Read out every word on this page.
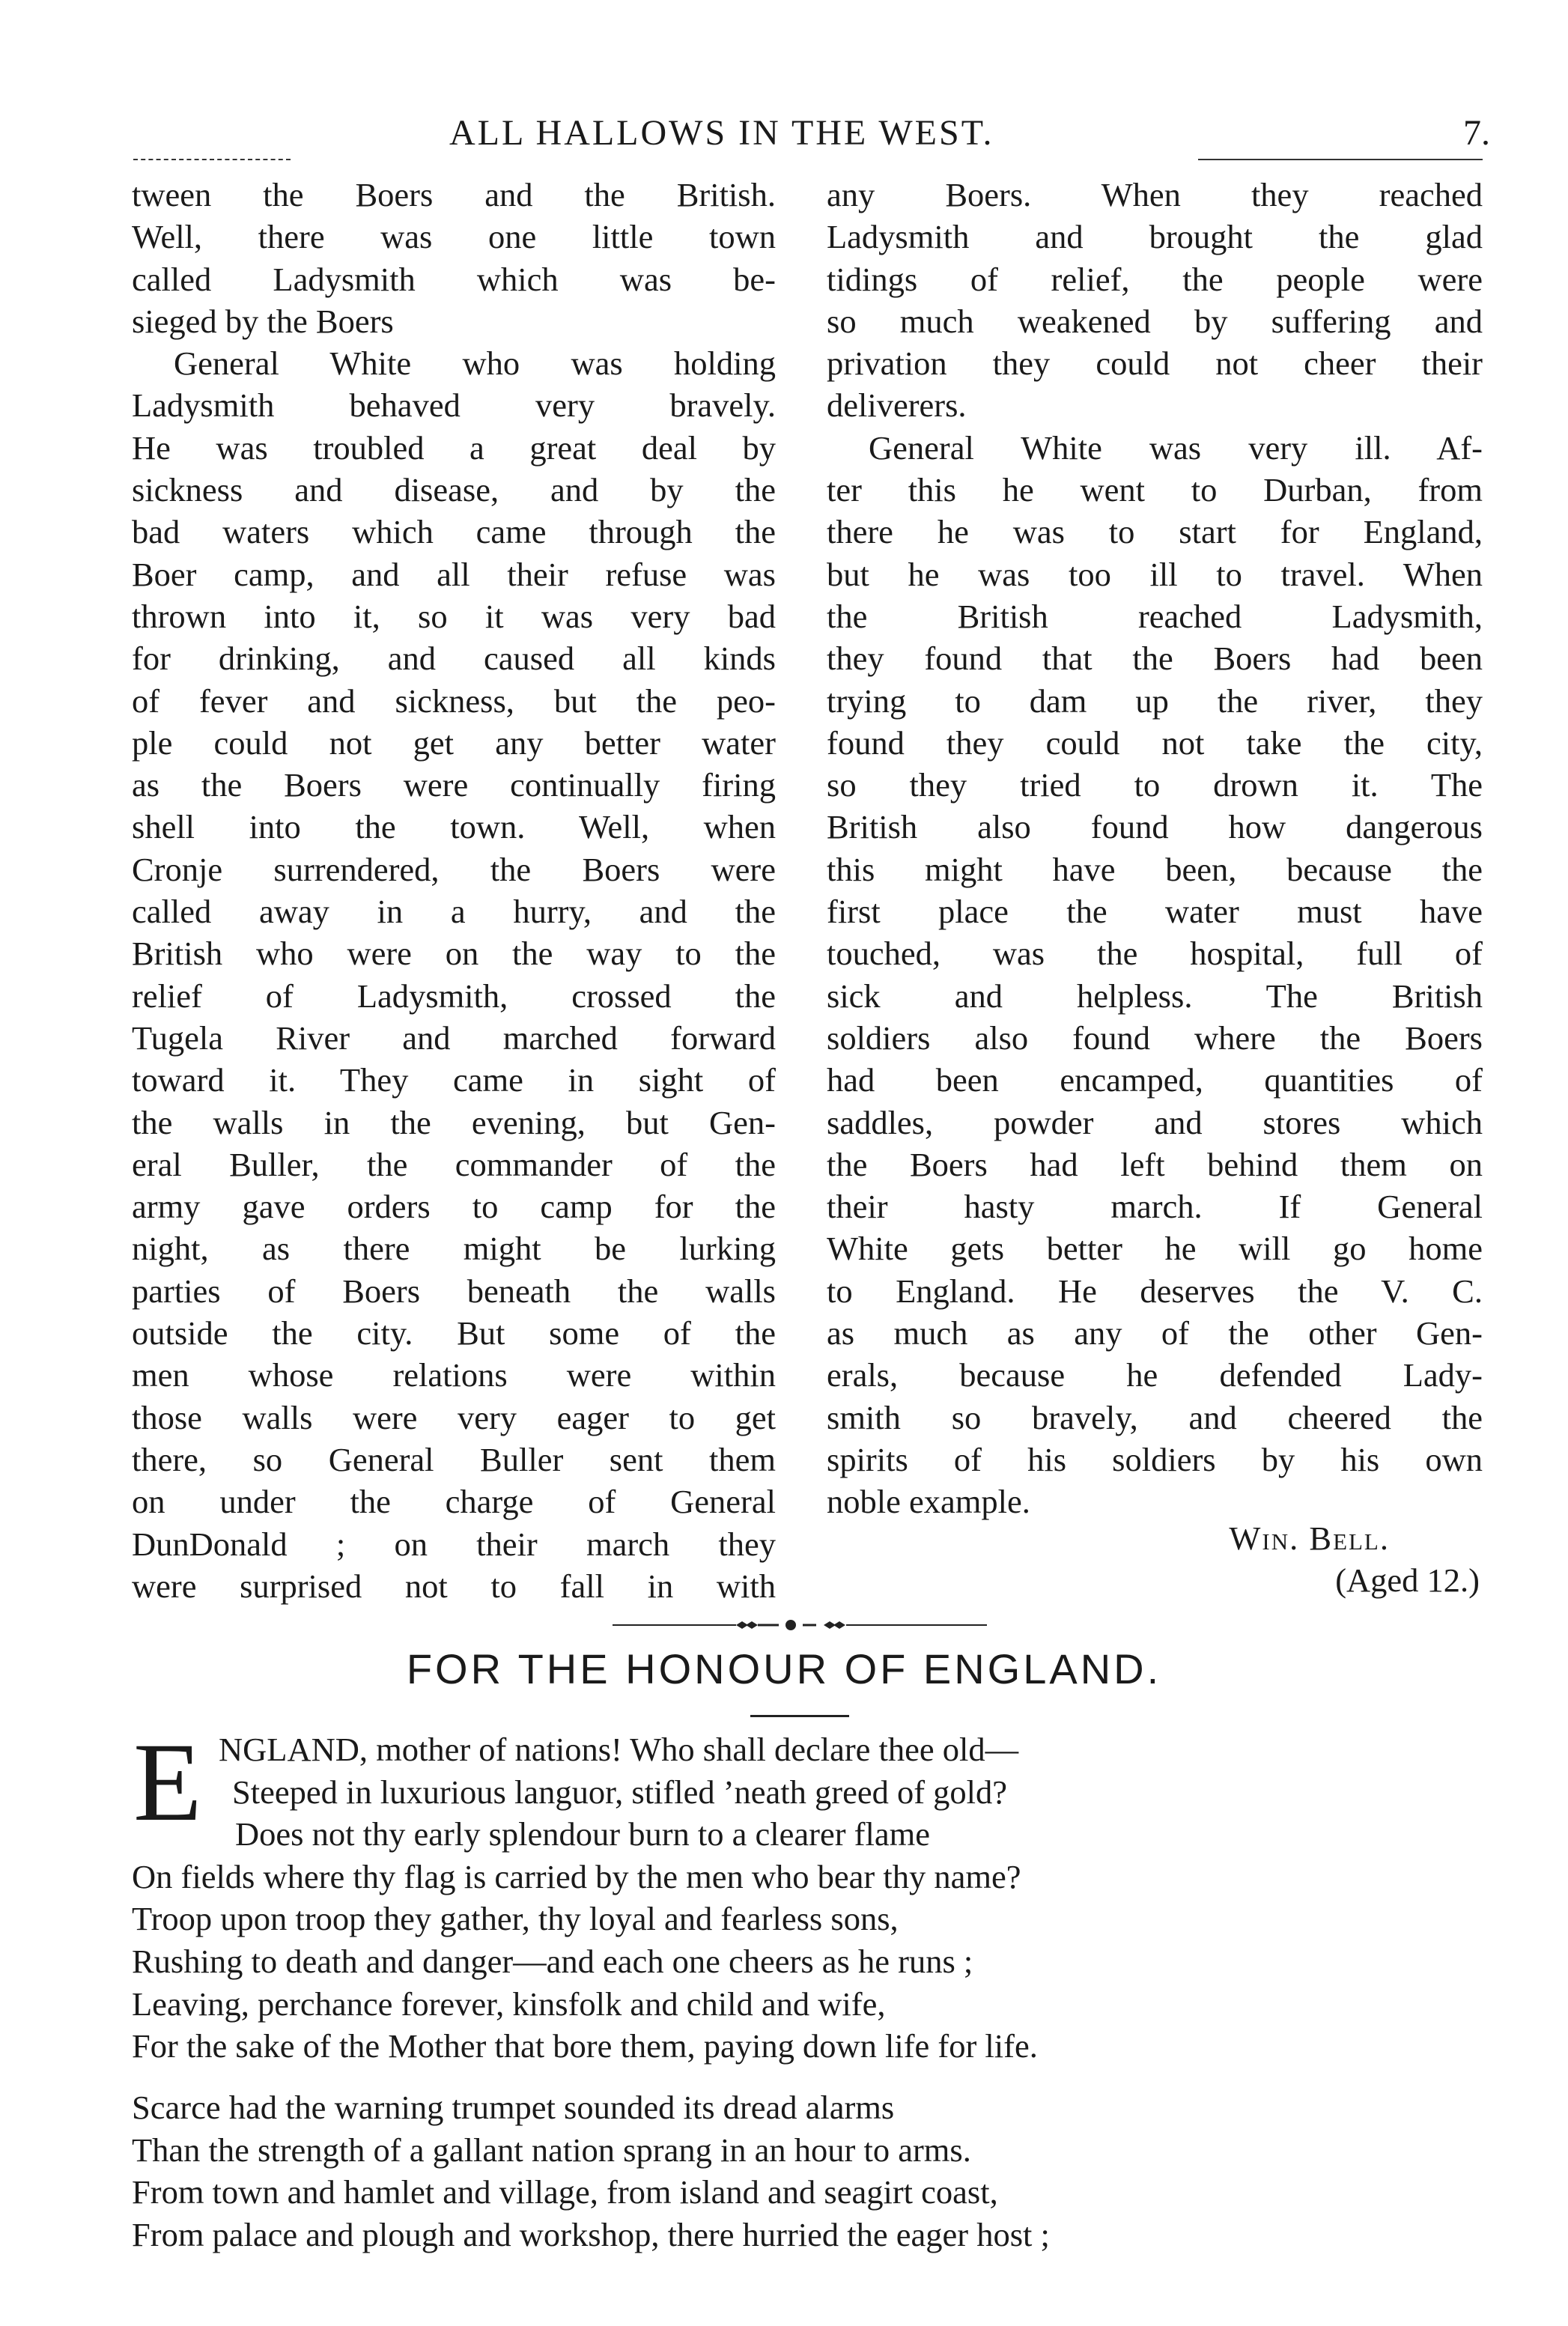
ALL HALLOWS IN THE WEST.	7.
tween the Boers and the British.
Well, there was one little town
called Ladysmith which was be-
sieged by the Boers
General White who was holding
Ladysmith behaved very bravely.
He was troubled a great deal by
sickness and disease, and by the
bad waters which came through the
Boer camp, and all their refuse was
thrown into it, so it was very bad
for drinking, and caused all kinds
of fever and sickness, but the peo-
ple could not get any better water
as the Boers were continually firing
shell into the town. Well, when
Cronje surrendered, the Boers were
called away in a hurry, and the
British who were on the way to the
relief of Ladysmith, crossed the
Tugela River and marched forward
toward it. They came in sight of
the walls in the evening, but Gen-
eral Buller, the commander of the
army gave orders to camp for the
night, as there might be lurking
parties of Boers beneath the walls
outside the city. But some of the
men whose relations were within
those walls were very eager to get
there, so General Buller sent them
on under the charge of General
DunDonald ; on their march they
were surprised not to fall in with
any Boers. When they reached
Ladysmith and brought the glad
tidings of relief, the people were
so much weakened by suffering and
privation they could not cheer their
deliverers.
General White was very ill. Af-
ter this he went to Durban, from
there he was to start for England,
but he was too ill to travel. When
the British reached Ladysmith,
they found that the Boers had been
trying to dam up the river, they
found they could not take the city,
so they tried to drown it. The
British also found how dangerous
this might have been, because the
first place the water must have
touched, was the hospital, full of
sick and helpless. The British
soldiers also found where the Boers
had been encamped, quantities of
saddles, powder and stores which
the Boers had left behind them on
their hasty march. If General
White gets better he will go home
to England. He deserves the V. C.
as much as any of the other Gen-
erals, because he defended Lady-
smith so bravely, and cheered the
spirits of his soldiers by his own
noble example.
Win. Bell.
(Aged 12.)
FOR THE HONOUR OF ENGLAND.
E NGLAND, mother of nations! Who shall declare thee old—
Steeped in luxurious languor, stifled ’neath greed of gold?
Does not thy early splendour burn to a clearer flame
On fields where thy flag is carried by the men who bear thy name?
Troop upon troop they gather, thy loyal and fearless sons,
Rushing to death and danger—and each one cheers as he runs ;
Leaving, perchance forever, kinsfolk and child and wife,
For the sake of the Mother that bore them, paying down life for life.
Scarce had the warning trumpet sounded its dread alarms
Than the strength of a gallant nation sprang in an hour to arms.
From town and hamlet and village, from island and seagirt coast,
From palace and plough and workshop, there hurried the eager host ;
